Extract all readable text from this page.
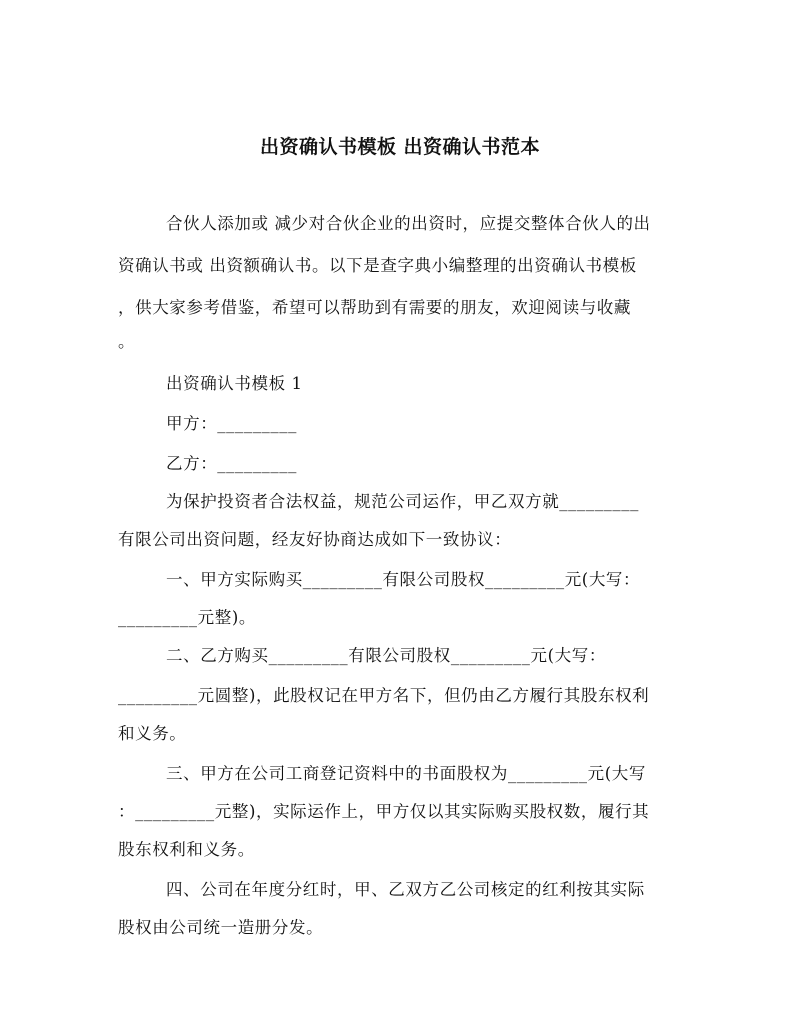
出资确认书模板 出资确认书范本
合伙人添加或 减少对合伙企业的出资时，应提交整体合伙人的出
资确认书或 出资额确认书。以下是查字典小编整理的出资确认书模板
，供大家参考借鉴，希望可以帮助到有需要的朋友，欢迎阅读与收藏
。
出资确认书模板 1
甲方：_________
乙方：_________
为保护投资者合法权益，规范公司运作，甲乙双方就_________
有限公司出资问题，经友好协商达成如下一致协议：
一、甲方实际购买_________有限公司股权_________元(大写：
_________元整)。
二、乙方购买_________有限公司股权_________元(大写：
_________元圆整)，此股权记在甲方名下，但仍由乙方履行其股东权利
和义务。
三、甲方在公司工商登记资料中的书面股权为_________元(大写
：_________元整)，实际运作上，甲方仅以其实际购买股权数，履行其
股东权利和义务。
四、公司在年度分红时，甲、乙双方乙公司核定的红利按其实际
股权由公司统一造册分发。
